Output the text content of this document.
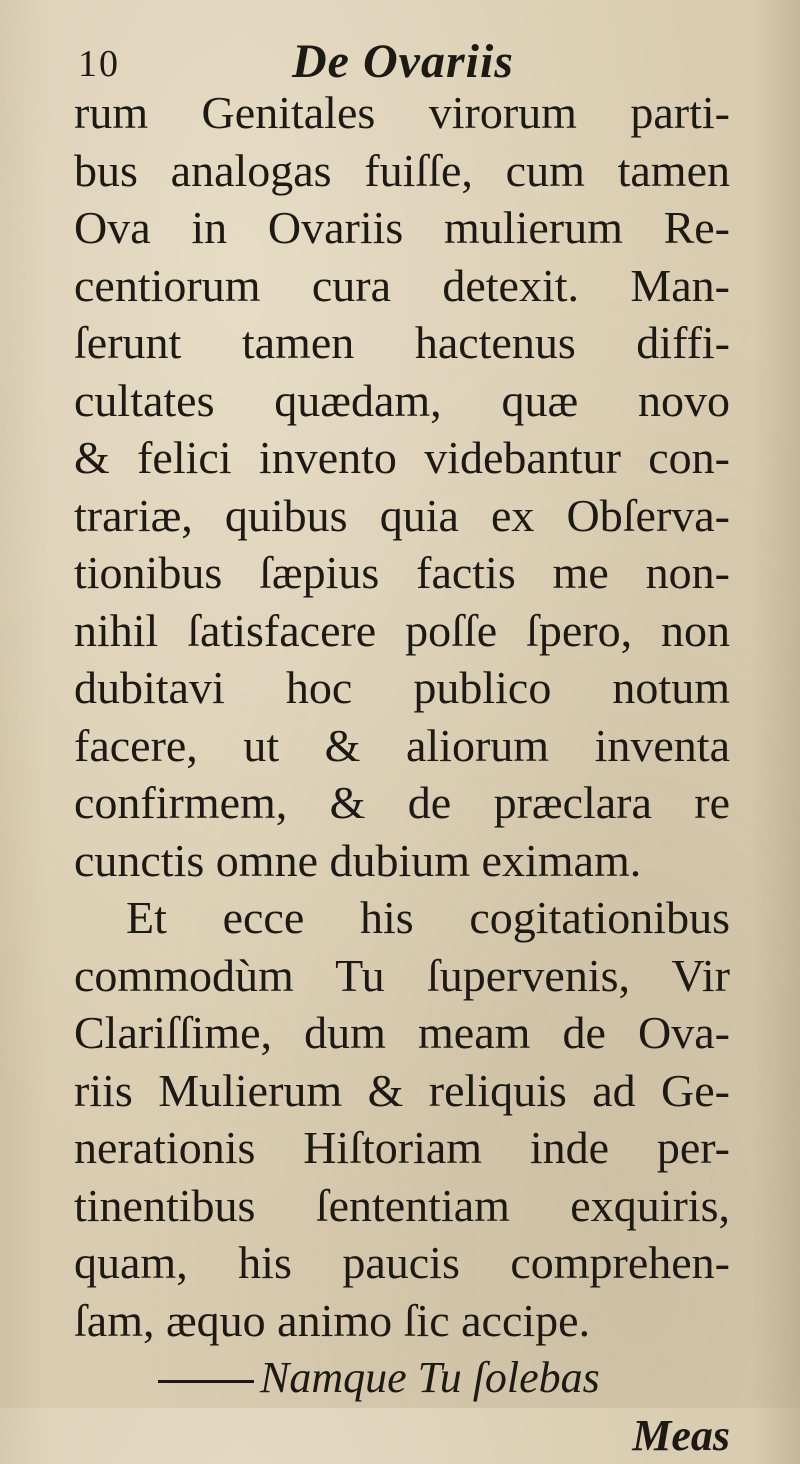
10	De Ovariis
rum Genitales virorum parti-
bus analogas fuiſſe, cum tamen
Ova in Ovariis mulierum Re-
centiorum cura detexit. Man-
ſerunt tamen hactenus diffi-
cultates quædam, quæ novo
& felici invento videbantur con-
trariæ, quibus quia ex Obſerva-
tionibus ſæpius factis me non-
nihil ſatisfacere poſſe ſpero, non
dubitavi hoc publico notum
facere, ut & aliorum inventa
confirmem, & de præclara re
cunctis omne dubium eximam.
Et ecce his cogitationibus
commodùm Tu ſupervenis, Vir
Clariſſime, dum meam de Ova-
riis Mulierum & reliquis ad Ge-
nerationis Hiſtoriam inde per-
tinentibus ſententiam exquiris,
quam, his paucis comprehen-
ſam, æquo animo ſic accipe.
Namque Tu ſolebas
Meas
